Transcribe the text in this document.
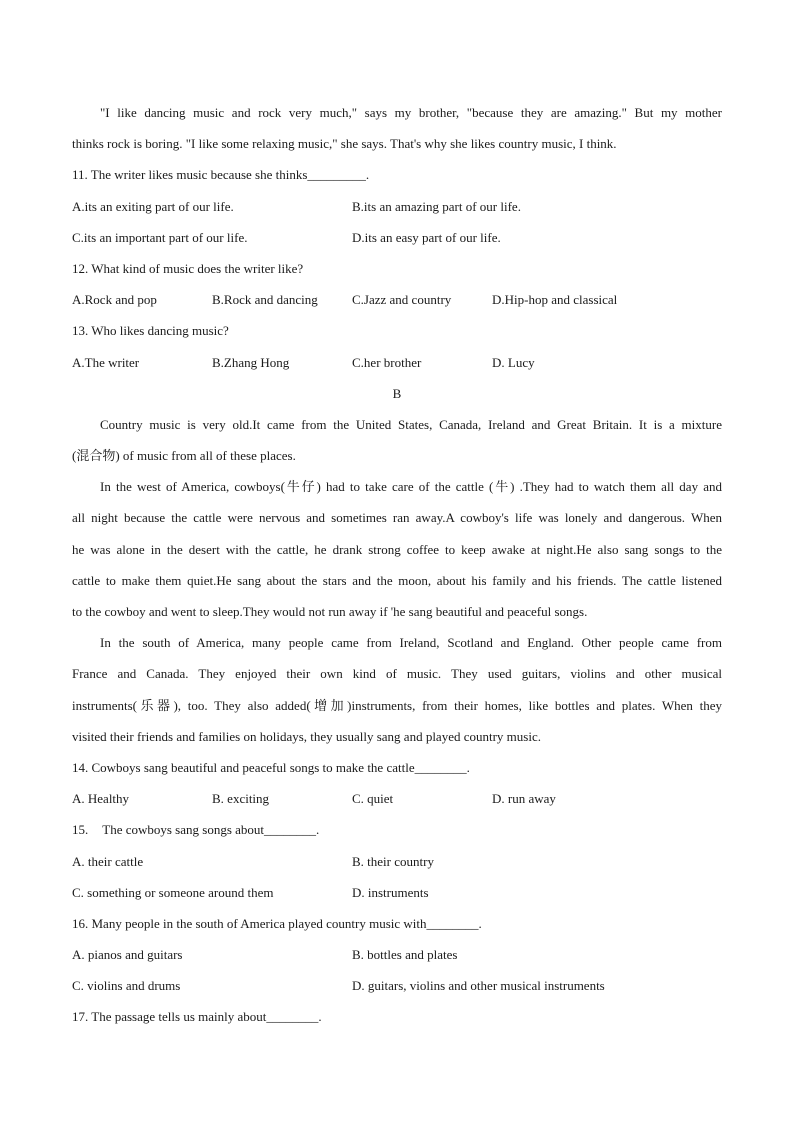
"I like dancing music and rock very much," says my brother, "because they are amazing." But my mother
thinks rock is boring. "I like some relaxing music," she says. That's why she likes country music, I think.
11. The writer likes music because she thinks_________.
A.its an exiting part of our life.	B.its an amazing part of our life.
C.its an important part of our life.	D.its an easy part of our life.
12. What kind of music does the writer like?
A.Rock and pop	B.Rock and dancing	C.Jazz and country	D.Hip-hop and classical
13. Who likes dancing music?
A.The writer	B.Zhang Hong	C.her brother	D. Lucy
B
Country music is very old.It came from the United States, Canada, Ireland and Great Britain. It is a mixture
(混合物) of music from all of these places.
In the west of America, cowboys(牛仔) had to take care of the cattle (牛) .They had to watch them all day and
all night because the cattle were nervous and sometimes ran away.A cowboy's life was lonely and dangerous. When
he was alone in the desert with the cattle, he drank strong coffee to keep awake at night.He also sang songs to the
cattle to make them quiet.He sang about the stars and the moon, about his family and his friends. The cattle listened
to the cowboy and went to sleep.They would not run away if 'he sang beautiful and peaceful songs.
In the south of America, many people came from Ireland, Scotland and England. Other people came from
France and Canada. They enjoyed their own kind of music. They used guitars, violins and other musical
instruments(乐器), too. They also added(增加)instruments, from their homes, like bottles and plates. When they
visited their friends and families on holidays, they usually sang and played country music.
14. Cowboys sang beautiful and peaceful songs to make the cattle________.
A. Healthy	B. exciting	C. quiet	D. run away
15. The cowboys sang songs about________.
A. their cattle	B. their country
C. something or someone around them	D. instruments
16. Many people in the south of America played country music with________.
A. pianos and guitars	B. bottles and plates
C. violins and drums	D. guitars, violins and other musical instruments
17. The passage tells us mainly about________.
